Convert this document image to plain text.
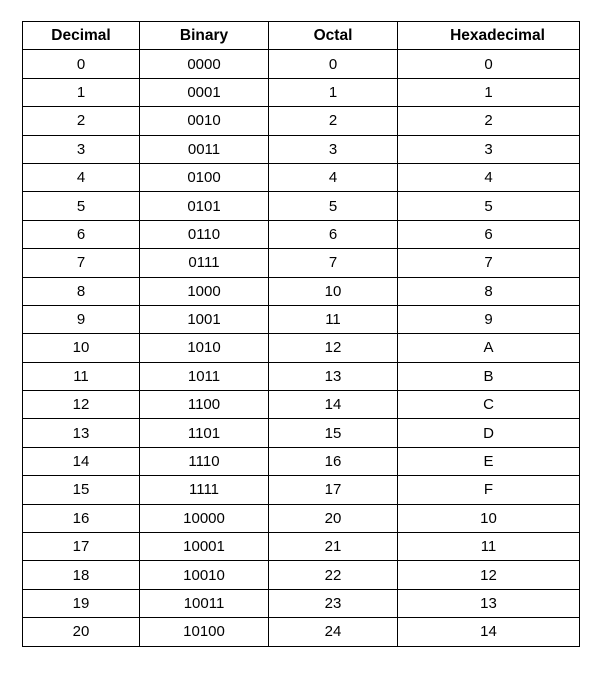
Decimal	Binary	Octal	Hexadecimal
0	0000	0	0
1	0001	1	1
2	0010	2	2
3	0011	3	3
4	0100	4	4
5	0101	5	5
6	0110	6	6
7	0111	7	7
8	1000	10	8
9	1001	11	9
10	1010	12	A
11	1011	13	B
12	1100	14	C
13	1101	15	D
14	1110	16	E
15	1111	17	F
16	10000	20	10
17	10001	21	11
18	10010	22	12
19	10011	23	13
20	10100	24	14
